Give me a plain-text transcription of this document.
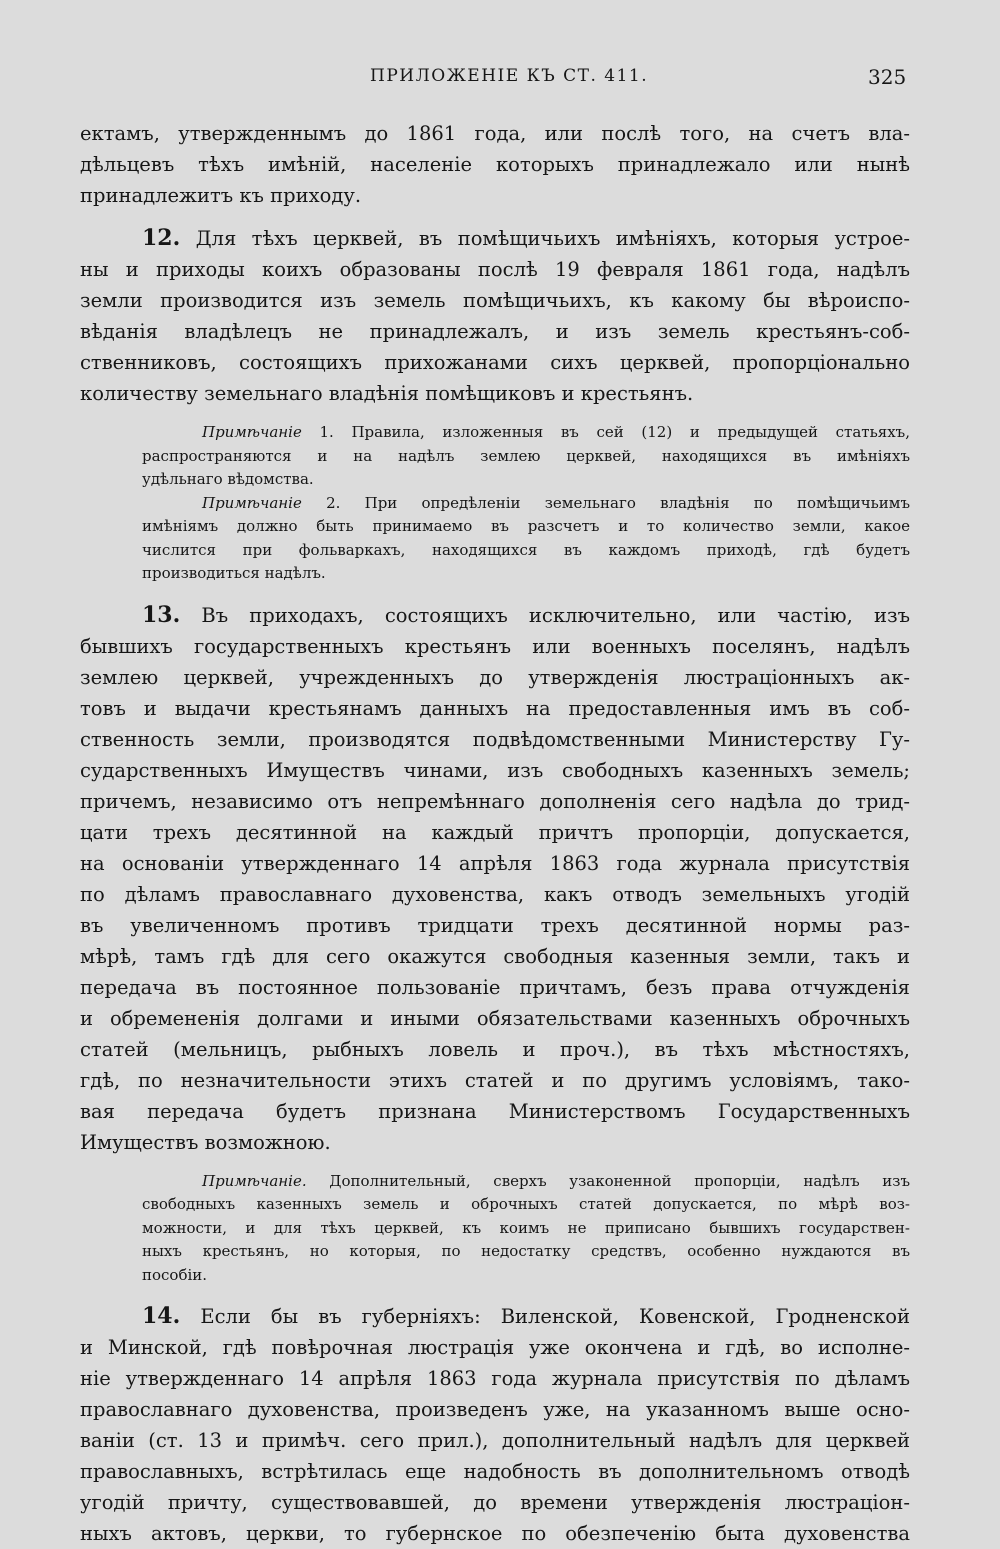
ПРИЛОЖЕНІЕ КЪ СТ. 411.	325
ектамъ, утвержденнымъ до 1861 года, или послѣ того, на счетъ вла-
дѣльцевъ тѣхъ имѣній, населеніе которыхъ принадлежало или нынѣ
принадлежитъ къ приходу.
12. Для тѣхъ церквей, въ помѣщичьихъ имѣніяхъ, которыя устрое-
ны и приходы коихъ образованы послѣ 19 февраля 1861 года, надѣлъ
земли производится изъ земель помѣщичьихъ, къ какому бы вѣроиспо-
вѣданія владѣлецъ не принадлежалъ, и изъ земель крестьянъ-соб-
ственниковъ, состоящихъ прихожанами сихъ церквей, пропорціонально
количеству земельнаго владѣнія помѣщиковъ и крестьянъ.
Примѣчаніе 1. Правила, изложенныя въ сей (12) и предыдущей статьяхъ,
распространяются и на надѣлъ землею церквей, находящихся въ имѣніяхъ
удѣльнаго вѣдомства.
Примѣчаніе 2. При опредѣленіи земельнаго владѣнія по помѣщичьимъ
имѣніямъ должно быть принимаемо въ разсчетъ и то количество земли, какое
числится при фольваркахъ, находящихся въ каждомъ приходѣ, гдѣ будетъ
производиться надѣлъ.
13. Въ приходахъ, состоящихъ исключительно, или частію, изъ
бывшихъ государственныхъ крестьянъ или военныхъ поселянъ, надѣлъ
землею церквей, учрежденныхъ до утвержденія люстраціонныхъ ак-
товъ и выдачи крестьянамъ данныхъ на предоставленныя имъ въ соб-
ственность земли, производятся подвѣдомственными Министерству Гу-
сударственныхъ Имуществъ чинами, изъ свободныхъ казенныхъ земель;
причемъ, независимо отъ непремѣннаго дополненія сего надѣла до трид-
цати трехъ десятинной на каждый причтъ пропорціи, допускается,
на основаніи утвержденнаго 14 апрѣля 1863 года журнала присутствія
по дѣламъ православнаго духовенства, какъ отводъ земельныхъ угодій
въ увеличенномъ противъ тридцати трехъ десятинной нормы раз-
мѣрѣ, тамъ гдѣ для сего окажутся свободныя казенныя земли, такъ и
передача въ постоянное пользованіе причтамъ, безъ права отчужденія
и обремененія долгами и иными обязательствами казенныхъ оброчныхъ
статей (мельницъ, рыбныхъ ловель и проч.), въ тѣхъ мѣстностяхъ,
гдѣ, по незначительности этихъ статей и по другимъ условіямъ, тако-
вая передача будетъ признана Министерствомъ Государственныхъ
Имуществъ возможною.
Примѣчаніе. Дополнительный, сверхъ узаконенной пропорціи, надѣлъ изъ
свободныхъ казенныхъ земель и оброчныхъ статей допускается, по мѣрѣ воз-
можности, и для тѣхъ церквей, къ коимъ не приписано бывшихъ государствен-
ныхъ крестьянъ, но которыя, по недостатку средствъ, особенно нуждаются въ
пособіи.
14. Если бы въ губерніяхъ: Виленской, Ковенской, Гродненской
и Минской, гдѣ повѣрочная люстрація уже окончена и гдѣ, во исполне-
ніе утвержденнаго 14 апрѣля 1863 года журнала присутствія по дѣламъ
православнаго духовенства, произведенъ уже, на указанномъ выше осно-
ваніи (ст. 13 и примѣч. сего прил.), дополнительный надѣлъ для церквей
православныхъ, встрѣтилась еще надобность въ дополнительномъ отводѣ
угодій причту, существовавшей, до времени утвержденія люстраціон-
ныхъ актовъ, церкви, то губернское по обезпеченію быта духовенства
